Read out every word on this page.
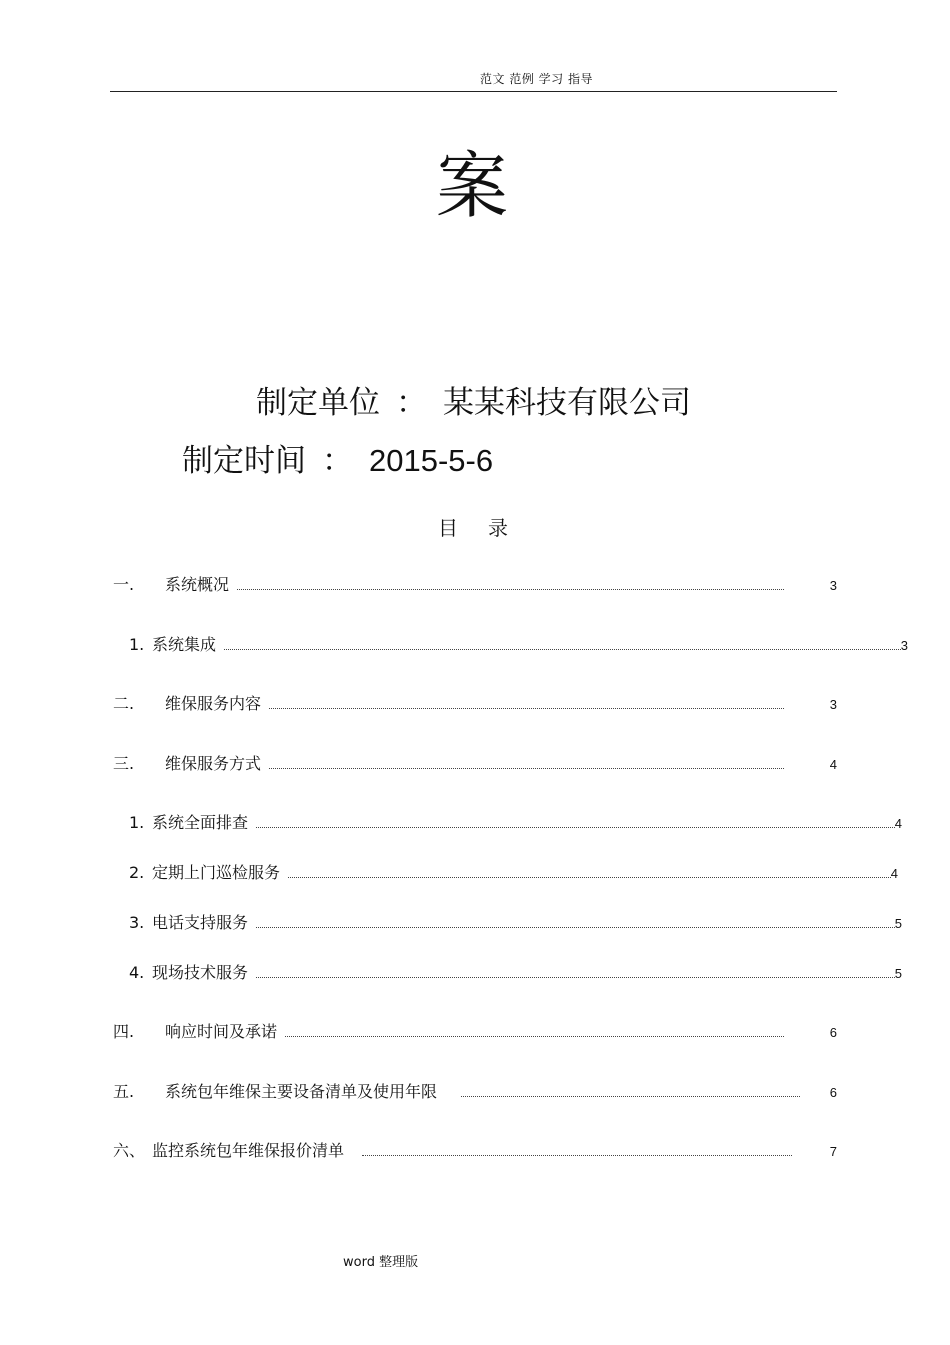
范文 范例 学习 指导
案
制定单位 ： 某某科技有限公司
制定时间 ： 2015-5-6
目 录
一.	系统概况	3
1. 系统集成	3
二.	维保服务内容	3
三.	维保服务方式	4
1. 系统全面排查	4
2. 定期上门巡检服务	4
3. 电话支持服务	5
4. 现场技术服务	5
四.	响应时间及承诺	6
五.	系统包年维保主要设备清单及使用年限	6
六、 监控系统包年维保报价清单	7
word 整理版
